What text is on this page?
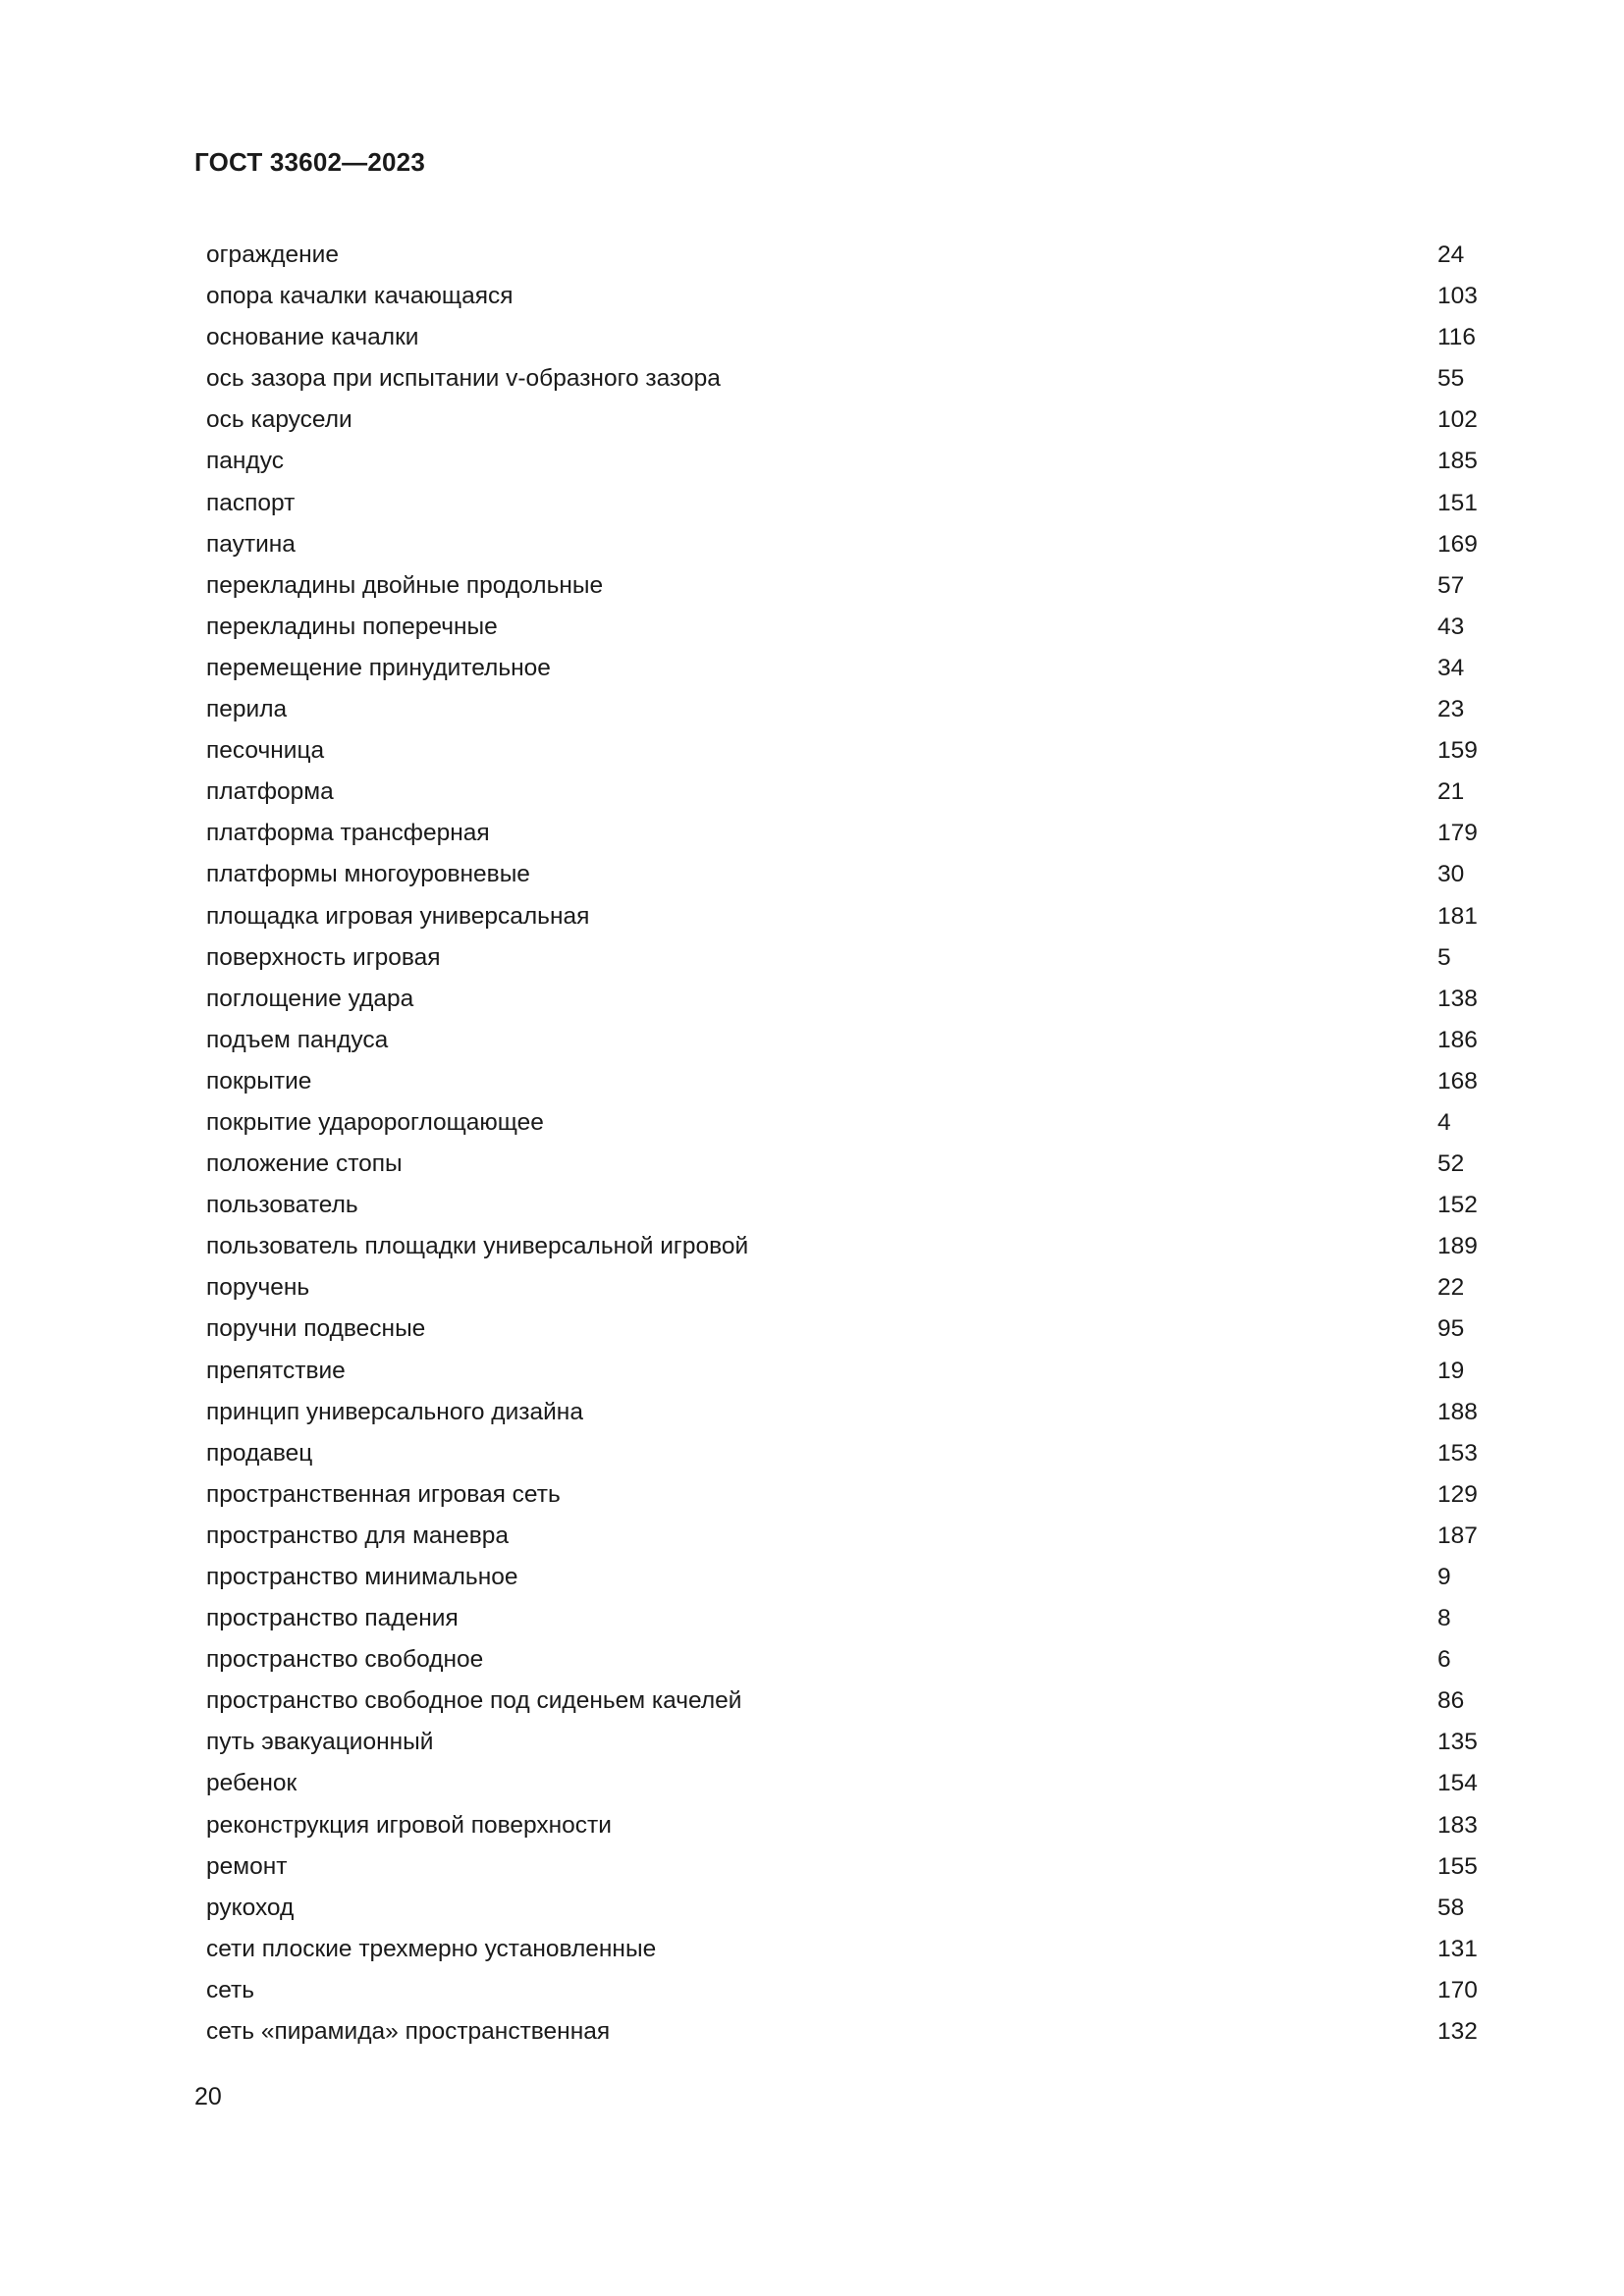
ГОСТ 33602—2023
ограждение	24
опора качалки качающаяся	103
основание качалки	116
ось зазора при испытании v-образного зазора	55
ось карусели	102
пандус	185
паспорт	151
паутина	169
перекладины двойные продольные	57
перекладины поперечные	43
перемещение принудительное	34
перила	23
песочница	159
платформа	21
платформа трансферная	179
платформы многоуровневые	30
площадка игровая универсальная	181
поверхность игровая	5
поглощение удара	138
подъем пандуса	186
покрытие	168
покрытие удароpоглощающее	4
положение стопы	52
пользователь	152
пользователь площадки универсальной игровой	189
поручень	22
поручни подвесные	95
препятствие	19
принцип универсального дизайна	188
продавец	153
пространственная игровая сеть	129
пространство для маневра	187
пространство минимальное	9
пространство падения	8
пространство свободное	6
пространство свободное под сиденьем качелей	86
путь эвакуационный	135
ребенок	154
реконструкция игровой поверхности	183
ремонт	155
рукоход	58
сети плоские трехмерно установленные	131
сеть	170
сеть «пирамида» пространственная	132
20
